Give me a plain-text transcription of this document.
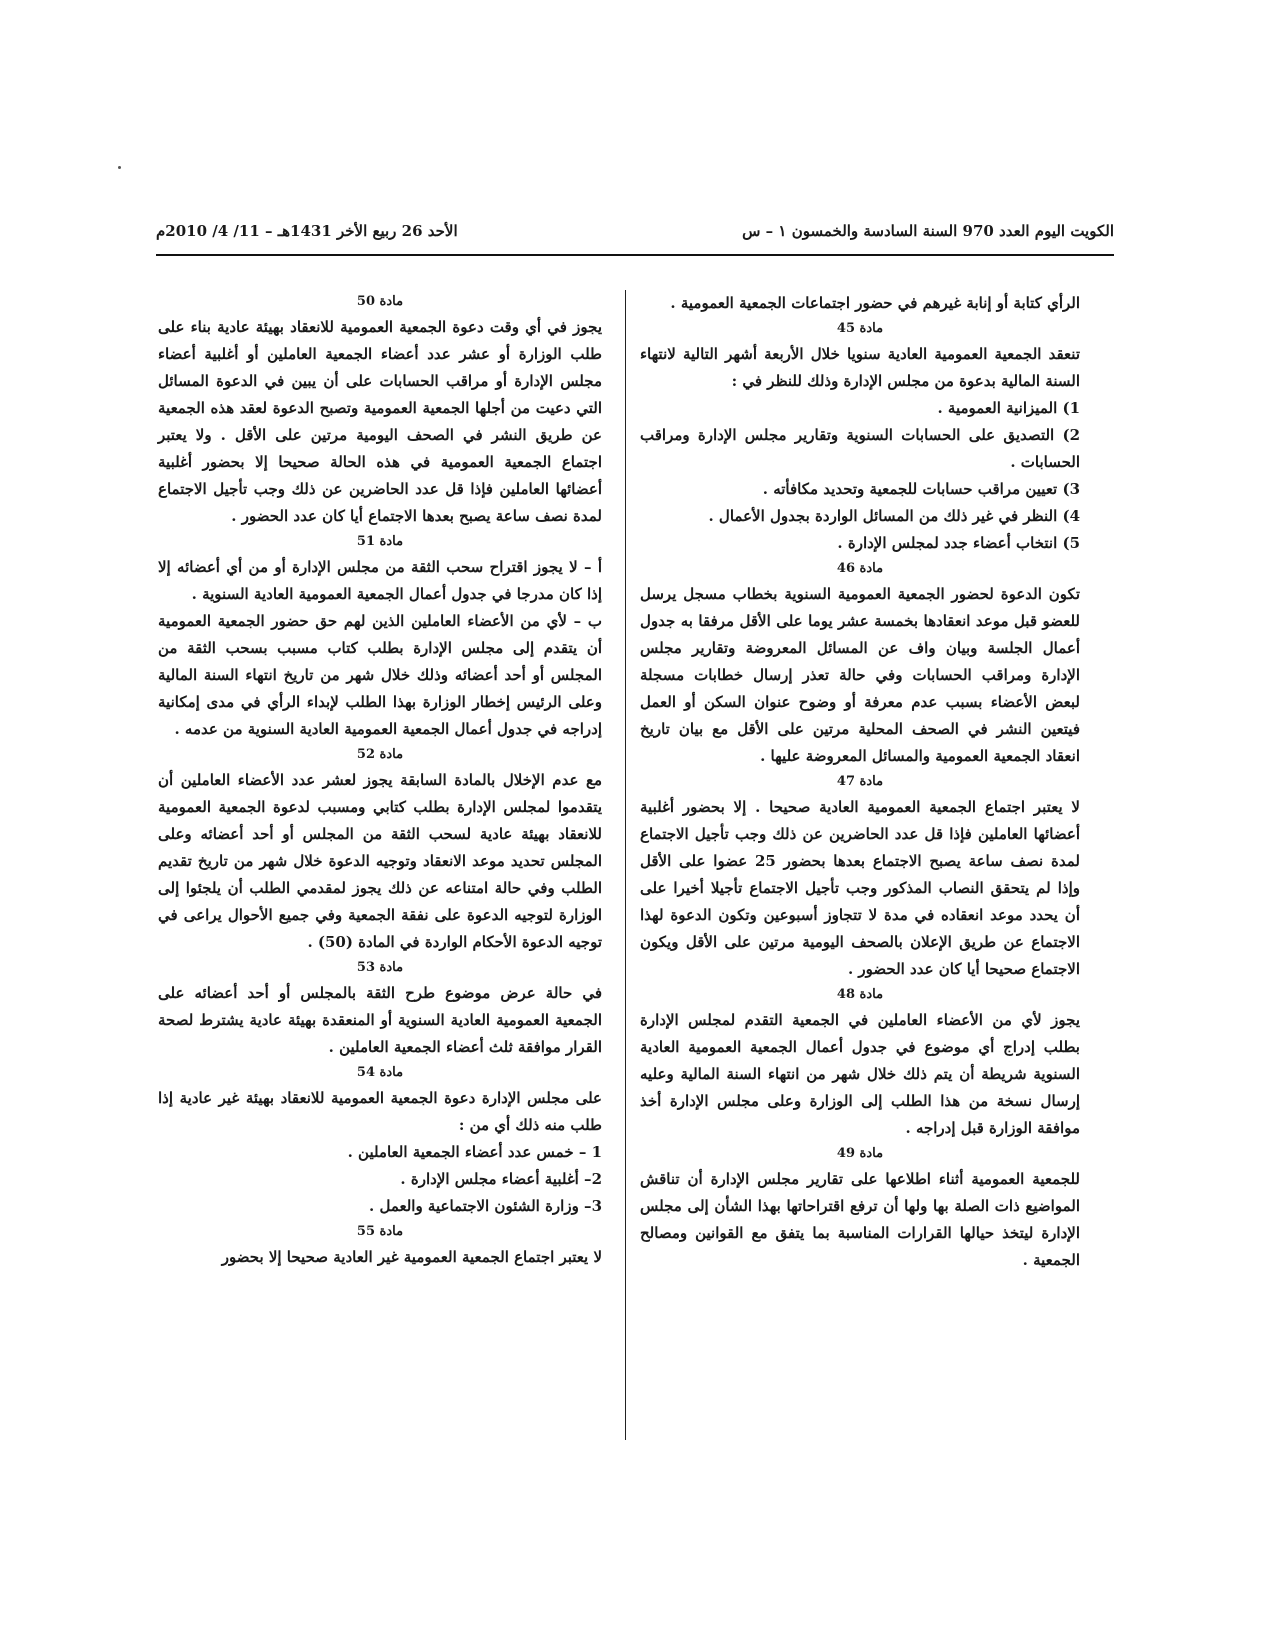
الكويت اليوم العدد 970 السنة السادسة والخمسون ١ – س
الأحد 26 ربيع الأخر 1431هـ – 11/ 4/ 2010م

الرأي كتابة أو إنابة غيرهم في حضور اجتماعات الجمعية العمومية .

مادة 45

تنعقد الجمعية العمومية العادية سنويا خلال الأربعة أشهر التالية لانتهاء السنة المالية بدعوة من مجلس الإدارة وذلك للنظر في :

1) الميزانية العمومية .

2) التصديق على الحسابات السنوية وتقارير مجلس الإدارة ومراقب الحسابات .

3) تعيين مراقب حسابات للجمعية وتحديد مكافأته .

4) النظر في غير ذلك من المسائل الواردة بجدول الأعمال .

5) انتخاب أعضاء جدد لمجلس الإدارة .

مادة 46

تكون الدعوة لحضور الجمعية العمومية السنوية بخطاب مسجل يرسل للعضو قبل موعد انعقادها بخمسة عشر يوما على الأقل مرفقا به جدول أعمال الجلسة وبيان واف عن المسائل المعروضة وتقارير مجلس الإدارة ومراقب الحسابات وفي حالة تعذر إرسال خطابات مسجلة لبعض الأعضاء بسبب عدم معرفة أو وضوح عنوان السكن أو العمل فيتعين النشر في الصحف المحلية مرتين على الأقل مع بيان تاريخ انعقاد الجمعية العمومية والمسائل المعروضة عليها .

مادة 47

لا يعتبر اجتماع الجمعية العمومية العادية صحيحا . إلا بحضور أغلبية أعضائها العاملين فإذا قل عدد الحاضرين عن ذلك وجب تأجيل الاجتماع لمدة نصف ساعة يصبح الاجتماع بعدها بحضور 25 عضوا على الأقل وإذا لم يتحقق النصاب المذكور وجب تأجيل الاجتماع تأجيلا أخيرا على أن يحدد موعد انعقاده في مدة لا تتجاوز أسبوعين وتكون الدعوة لهذا الاجتماع عن طريق الإعلان بالصحف اليومية مرتين على الأقل ويكون الاجتماع صحيحا أيا كان عدد الحضور .

مادة 48

يجوز لأي من الأعضاء العاملين في الجمعية التقدم لمجلس الإدارة بطلب إدراج أي موضوع في جدول أعمال الجمعية العمومية العادية السنوية شريطة أن يتم ذلك خلال شهر من انتهاء السنة المالية وعليه إرسال نسخة من هذا الطلب إلى الوزارة وعلى مجلس الإدارة أخذ موافقة الوزارة قبل إدراجه .

مادة 49

للجمعية العمومية أثناء اطلاعها على تقارير مجلس الإدارة أن تناقش المواضيع ذات الصلة بها ولها أن ترفع اقتراحاتها بهذا الشأن إلى مجلس الإدارة ليتخذ حيالها القرارات المناسبة بما يتفق مع القوانين ومصالح الجمعية .

مادة 50

يجوز في أي وقت دعوة الجمعية العمومية للانعقاد بهيئة عادية بناء على طلب الوزارة أو عشر عدد أعضاء الجمعية العاملين أو أغلبية أعضاء مجلس الإدارة أو مراقب الحسابات على أن يبين في الدعوة المسائل التي دعيت من أجلها الجمعية العمومية وتصبح الدعوة لعقد هذه الجمعية عن طريق النشر في الصحف اليومية مرتين على الأقل . ولا يعتبر اجتماع الجمعية العمومية في هذه الحالة صحيحا إلا بحضور أغلبية أعضائها العاملين فإذا قل عدد الحاضرين عن ذلك وجب تأجيل الاجتماع لمدة نصف ساعة يصبح بعدها الاجتماع أيا كان عدد الحضور .

مادة 51

أ – لا يجوز اقتراح سحب الثقة من مجلس الإدارة أو من أي أعضائه إلا إذا كان مدرجا في جدول أعمال الجمعية العمومية العادية السنوية .

ب – لأي من الأعضاء العاملين الذين لهم حق حضور الجمعية العمومية أن يتقدم إلى مجلس الإدارة بطلب كتاب مسبب بسحب الثقة من المجلس أو أحد أعضائه وذلك خلال شهر من تاريخ انتهاء السنة المالية وعلى الرئيس إخطار الوزارة بهذا الطلب لإبداء الرأي في مدى إمكانية إدراجه في جدول أعمال الجمعية العمومية العادية السنوية من عدمه .

مادة 52

مع عدم الإخلال بالمادة السابقة يجوز لعشر عدد الأعضاء العاملين أن يتقدموا لمجلس الإدارة بطلب كتابي ومسبب لدعوة الجمعية العمومية للانعقاد بهيئة عادية لسحب الثقة من المجلس أو أحد أعضائه وعلى المجلس تحديد موعد الانعقاد وتوجيه الدعوة خلال شهر من تاريخ تقديم الطلب وفي حالة امتناعه عن ذلك يجوز لمقدمي الطلب أن يلجئوا إلى الوزارة لتوجيه الدعوة على نفقة الجمعية وفي جميع الأحوال يراعى في توجيه الدعوة الأحكام الواردة في المادة (50) .

مادة 53

في حالة عرض موضوع طرح الثقة بالمجلس أو أحد أعضائه على الجمعية العمومية العادية السنوية أو المنعقدة بهيئة عادية يشترط لصحة القرار موافقة ثلث أعضاء الجمعية العاملين .

مادة 54

على مجلس الإدارة دعوة الجمعية العمومية للانعقاد بهيئة غير عادية إذا طلب منه ذلك أي من :

1 – خمس عدد أعضاء الجمعية العاملين .

2– أغلبية أعضاء مجلس الإدارة .

3– وزارة الشئون الاجتماعية والعمل .

مادة 55

لا يعتبر اجتماع الجمعية العمومية غير العادية صحيحا إلا بحضور
